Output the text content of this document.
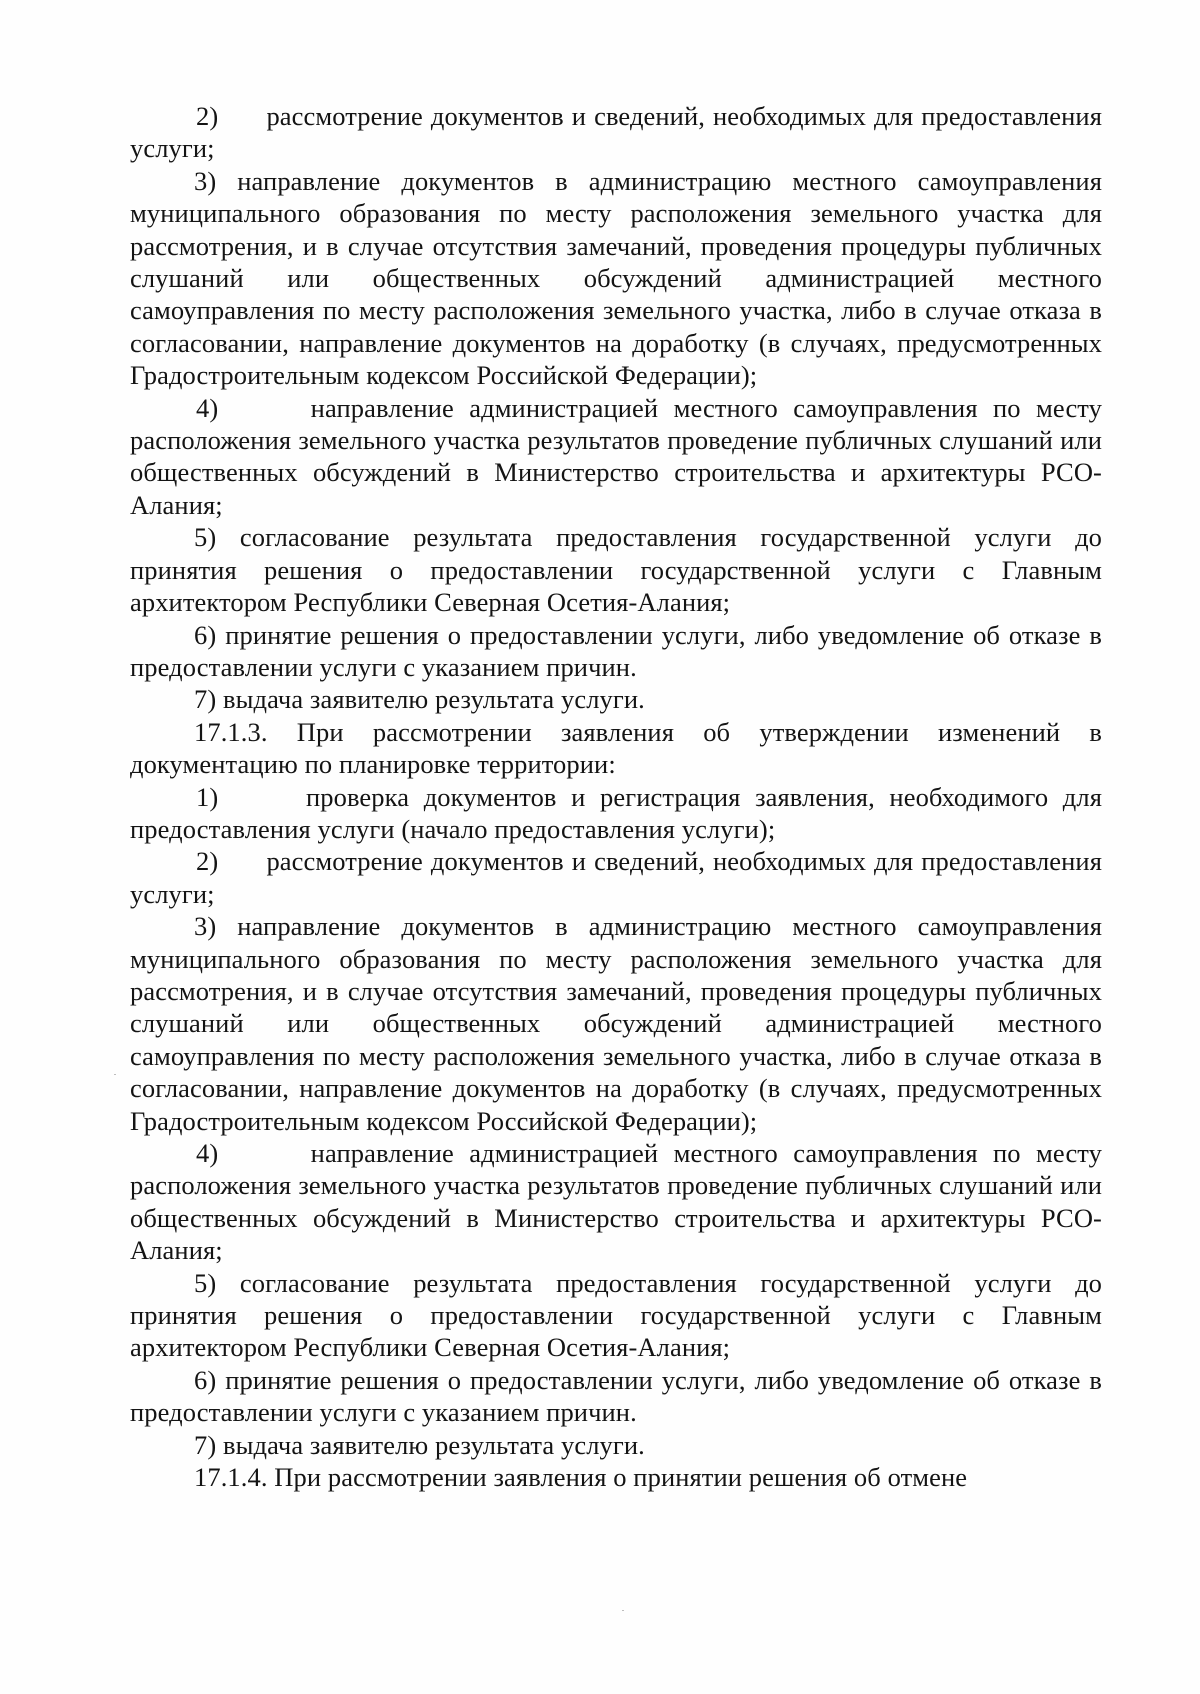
2)      рассмотрение документов и сведений, необходимых для предоставления услуги;

3) направление документов в администрацию местного самоуправления муниципального образования по месту расположения земельного участка для рассмотрения, и в случае отсутствия замечаний, проведения процедуры публичных слушаний или общественных обсуждений администрацией местного самоуправления по месту расположения земельного участка, либо в случае отказа в согласовании, направление документов на доработку (в случаях, предусмотренных Градостроительным кодексом Российской Федерации);

4)      направление администрацией местного самоуправления по месту расположения земельного участка результатов проведение публичных слушаний или общественных обсуждений в Министерство строительства и архитектуры РСО-Алания;

5) согласование результата предоставления государственной услуги до принятия решения о предоставлении государственной услуги с Главным архитектором Республики Северная Осетия-Алания;

6) принятие решения о предоставлении услуги, либо уведомление об отказе в предоставлении услуги с указанием причин.

7) выдача заявителю результата услуги.

17.1.3. При рассмотрении заявления об утверждении изменений в документацию по планировке территории:

1)      проверка документов и регистрация заявления, необходимого для предоставления услуги (начало предоставления услуги);

2)      рассмотрение документов и сведений, необходимых для предоставления услуги;

3) направление документов в администрацию местного самоуправления муниципального образования по месту расположения земельного участка для рассмотрения, и в случае отсутствия замечаний, проведения процедуры публичных слушаний или общественных обсуждений администрацией местного самоуправления по месту расположения земельного участка, либо в случае отказа в согласовании, направление документов на доработку (в случаях, предусмотренных Градостроительным кодексом Российской Федерации);

4)      направление администрацией местного самоуправления по месту расположения земельного участка результатов проведение публичных слушаний или общественных обсуждений в Министерство строительства и архитектуры РСО-Алания;

5) согласование результата предоставления государственной услуги до принятия решения о предоставлении государственной услуги с Главным архитектором Республики Северная Осетия-Алания;

6) принятие решения о предоставлении услуги, либо уведомление об отказе в предоставлении услуги с указанием причин.

7) выдача заявителю результата услуги.

17.1.4. При рассмотрении заявления о принятии решения об отмене
